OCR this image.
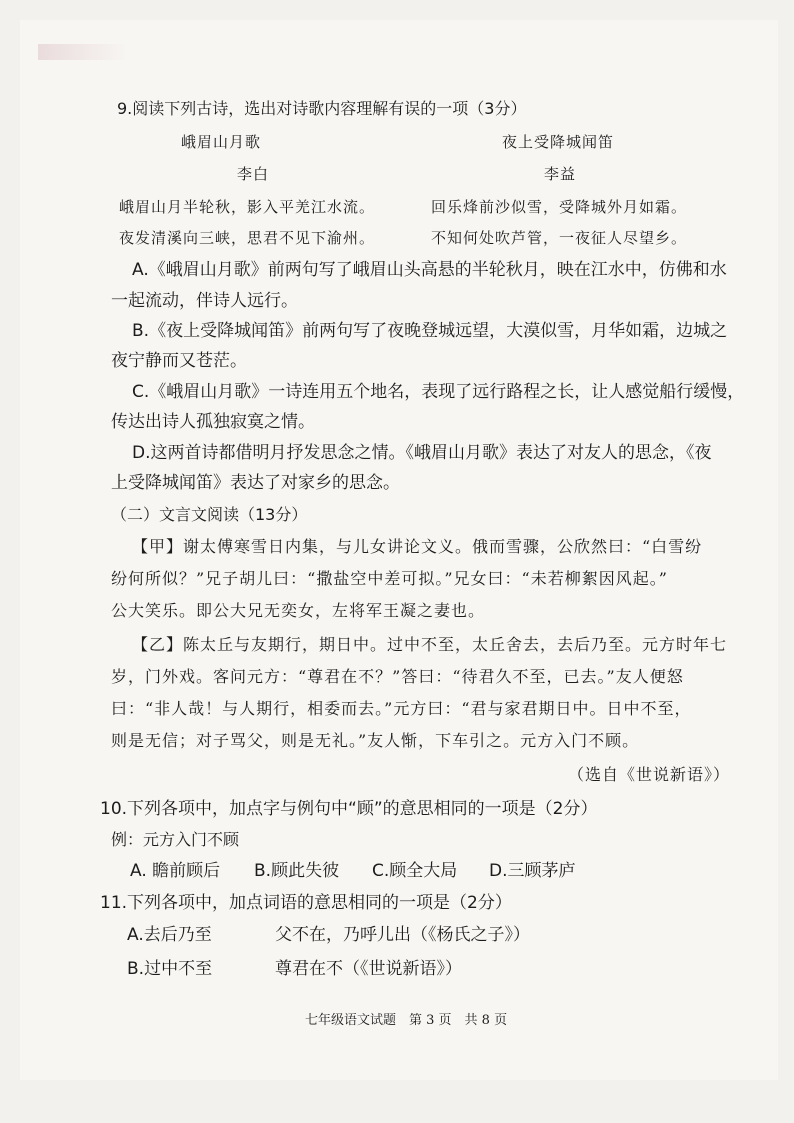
9.阅读下列古诗，选出对诗歌内容理解有误的一项（3分）
峨眉山月歌	夜上受降城闻笛
李白	李益
峨眉山月半轮秋，影入平羌江水流。	回乐烽前沙似雪，受降城外月如霜。
夜发清溪向三峡，思君不见下渝州。	不知何处吹芦管，一夜征人尽望乡。
A.《峨眉山月歌》前两句写了峨眉山头高悬的半轮秋月，映在江水中，仿佛和水
一起流动，伴诗人远行。
B.《夜上受降城闻笛》前两句写了夜晚登城远望，大漠似雪，月华如霜，边城之
夜宁静而又苍茫。
C.《峨眉山月歌》一诗连用五个地名，表现了远行路程之长，让人感觉船行缓慢，
传达出诗人孤独寂寞之情。
D.这两首诗都借明月抒发思念之情。《峨眉山月歌》表达了对友人的思念，《夜
上受降城闻笛》表达了对家乡的思念。
（二）文言文阅读（13分）
【甲】谢太傅寒雪日内集，与儿女讲论文义。俄而雪骤，公欣然曰：“白雪纷
纷何所似？”兄子胡儿曰：“撒盐空中差可拟。”兄女曰：“未若柳絮因风起。”
公大笑乐。即公大兄无奕女，左将军王凝之妻也。
【乙】陈太丘与友期行，期日中。过中不至，太丘舍去，去后乃至。元方时年七
岁，门外戏。客问元方：“尊君在不？”答曰：“待君久不至，已去。”友人便怒
曰：“非人哉！与人期行，相委而去。”元方曰：“君与家君期日中。日中不至，
则是无信；对子骂父，则是无礼。”友人惭，下车引之。元方入门不顾。
（选自《世说新语》）
10.下列各项中，加点字与例句中“顾”的意思相同的一项是（2分）
例：元方入门不顾
A. 瞻前顾后 B.顾此失彼 C.顾全大局 D.三顾茅庐
11.下列各项中，加点词语的意思相同的一项是（2分）
A.去后乃至	父不在，乃呼儿出（《杨氏之子》）
B.过中不至	尊君在不（《世说新语》）
七年级语文试题　第 3 页　共 8 页
